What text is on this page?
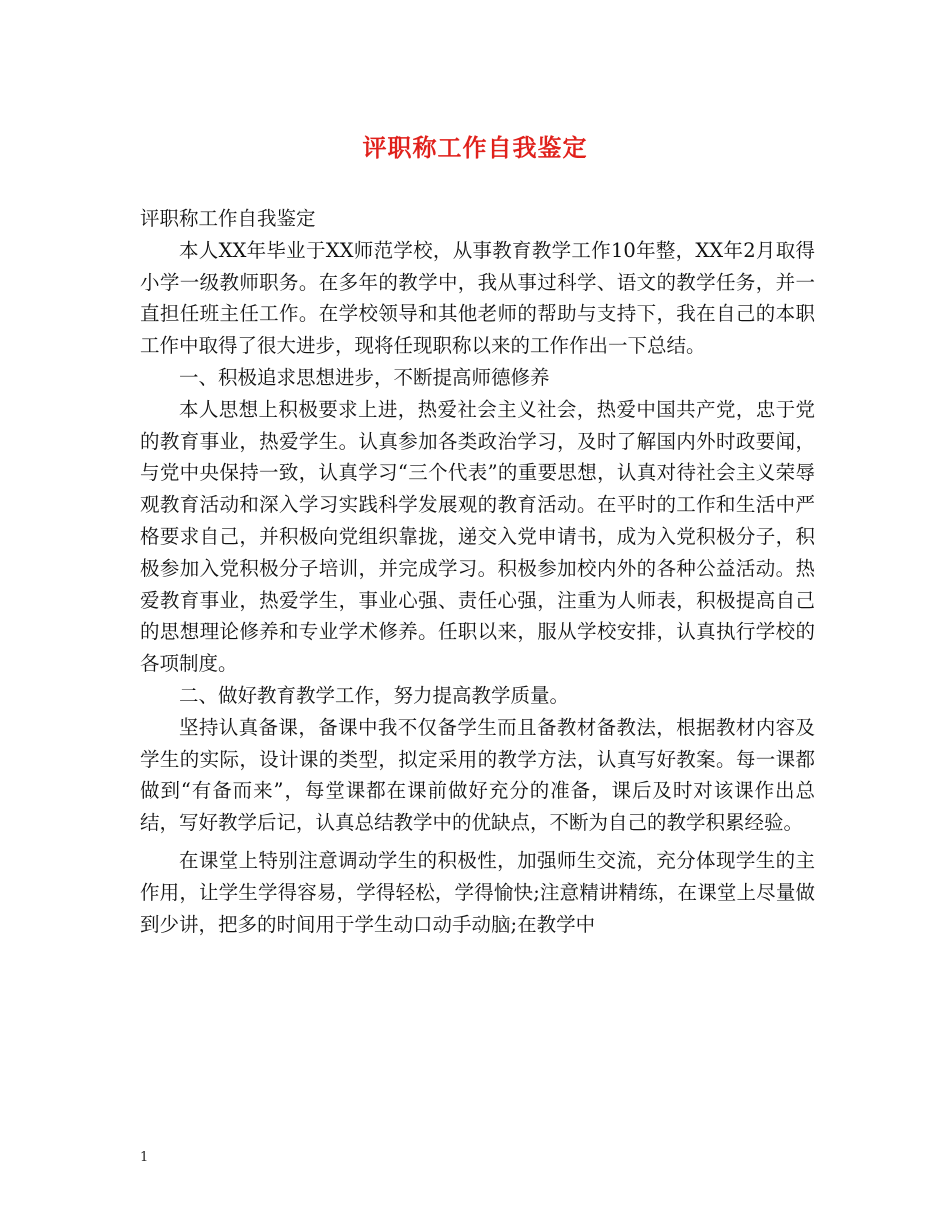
评职称工作自我鉴定

评职称工作自我鉴定

本人XX年毕业于XX师范学校，从事教育教学工作10年整，XX年2月取得小学一级教师职务。在多年的教学中，我从事过科学、语文的教学任务，并一直担任班主任工作。在学校领导和其他老师的帮助与支持下，我在自己的本职工作中取得了很大进步，现将任现职称以来的工作作出一下总结。

一、积极追求思想进步，不断提高师德修养

本人思想上积极要求上进，热爱社会主义社会，热爱中国共产党，忠于党的教育事业，热爱学生。认真参加各类政治学习，及时了解国内外时政要闻，与党中央保持一致，认真学习“三个代表”的重要思想，认真对待社会主义荣辱观教育活动和深入学习实践科学发展观的教育活动。在平时的工作和生活中严格要求自己，并积极向党组织靠拢，递交入党申请书，成为入党积极分子，积极参加入党积极分子培训，并完成学习。积极参加校内外的各种公益活动。热爱教育事业，热爱学生，事业心强、责任心强，注重为人师表，积极提高自己的思想理论修养和专业学术修养。任职以来，服从学校安排，认真执行学校的各项制度。

二、做好教育教学工作，努力提高教学质量。

坚持认真备课，备课中我不仅备学生而且备教材备教法，根据教材内容及学生的实际，设计课的类型，拟定采用的教学方法，认真写好教案。每一课都做到“有备而来”，每堂课都在课前做好充分的准备，课后及时对该课作出总结，写好教学后记，认真总结教学中的优缺点，不断为自己的教学积累经验。

在课堂上特别注意调动学生的积极性，加强师生交流，充分体现学生的主作用，让学生学得容易，学得轻松，学得愉快;注意精讲精练，在课堂上尽量做到少讲，把多的时间用于学生动口动手动脑;在教学中

1
